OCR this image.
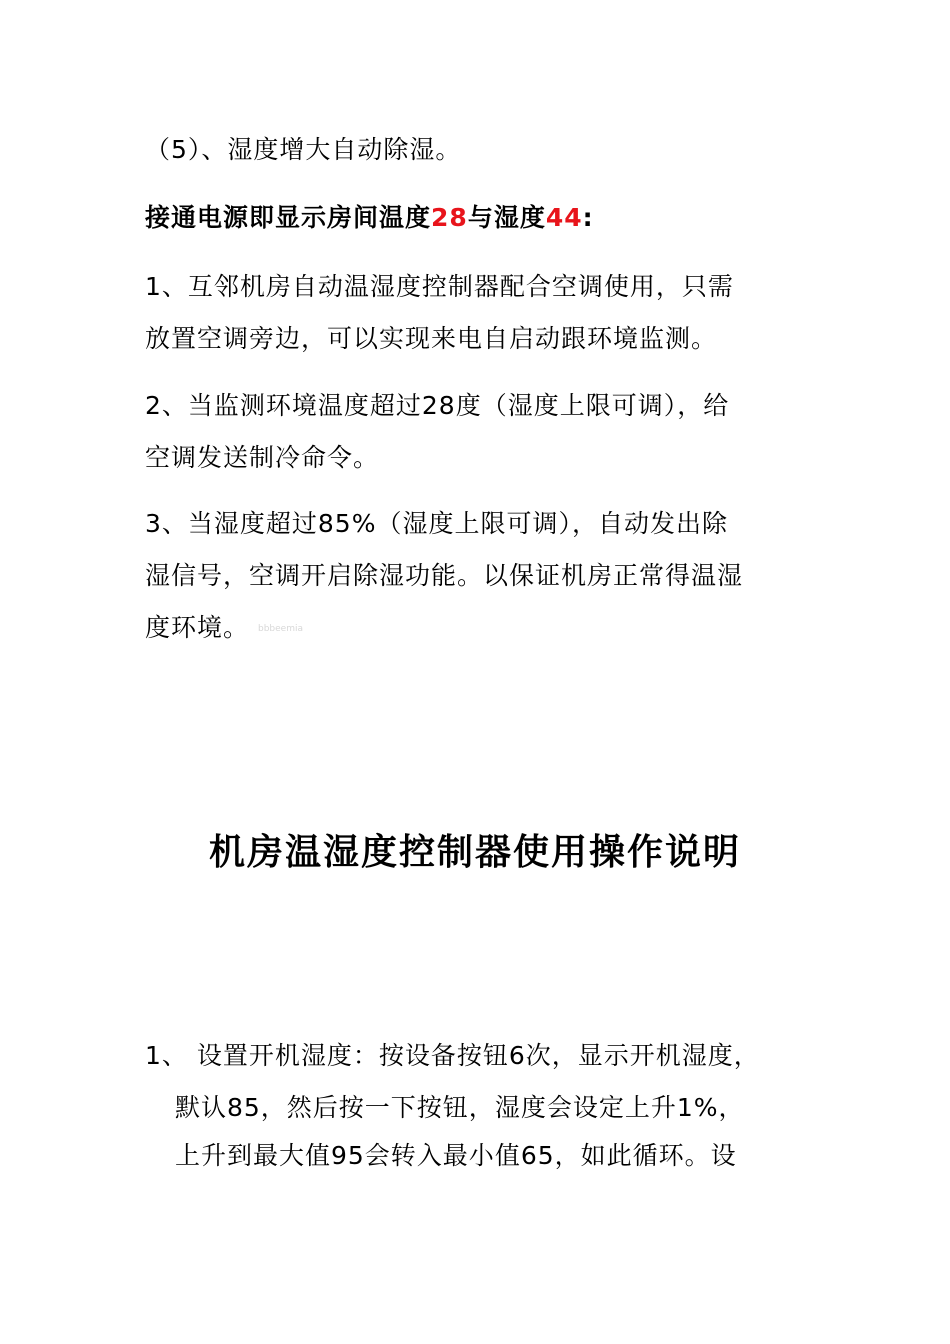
（5）、湿度增大自动除湿。
接通电源即显示房间温度28与湿度44:
1、互邻机房自动温湿度控制器配合空调使用，只需
放置空调旁边，可以实现来电自启动跟环境监测。
2、当监测环境温度超过28度（湿度上限可调），给
空调发送制冷命令。
3、当湿度超过85%（湿度上限可调），自动发出除
湿信号，空调开启除湿功能。以保证机房正常得温湿
度环境。 bbbeemia
机房温湿度控制器使用操作说明
1、 设置开机湿度：按设备按钮6次，显示开机湿度，
默认85，然后按一下按钮，湿度会设定上升1%，
上升到最大值95会转入最小值65，如此循环。设
